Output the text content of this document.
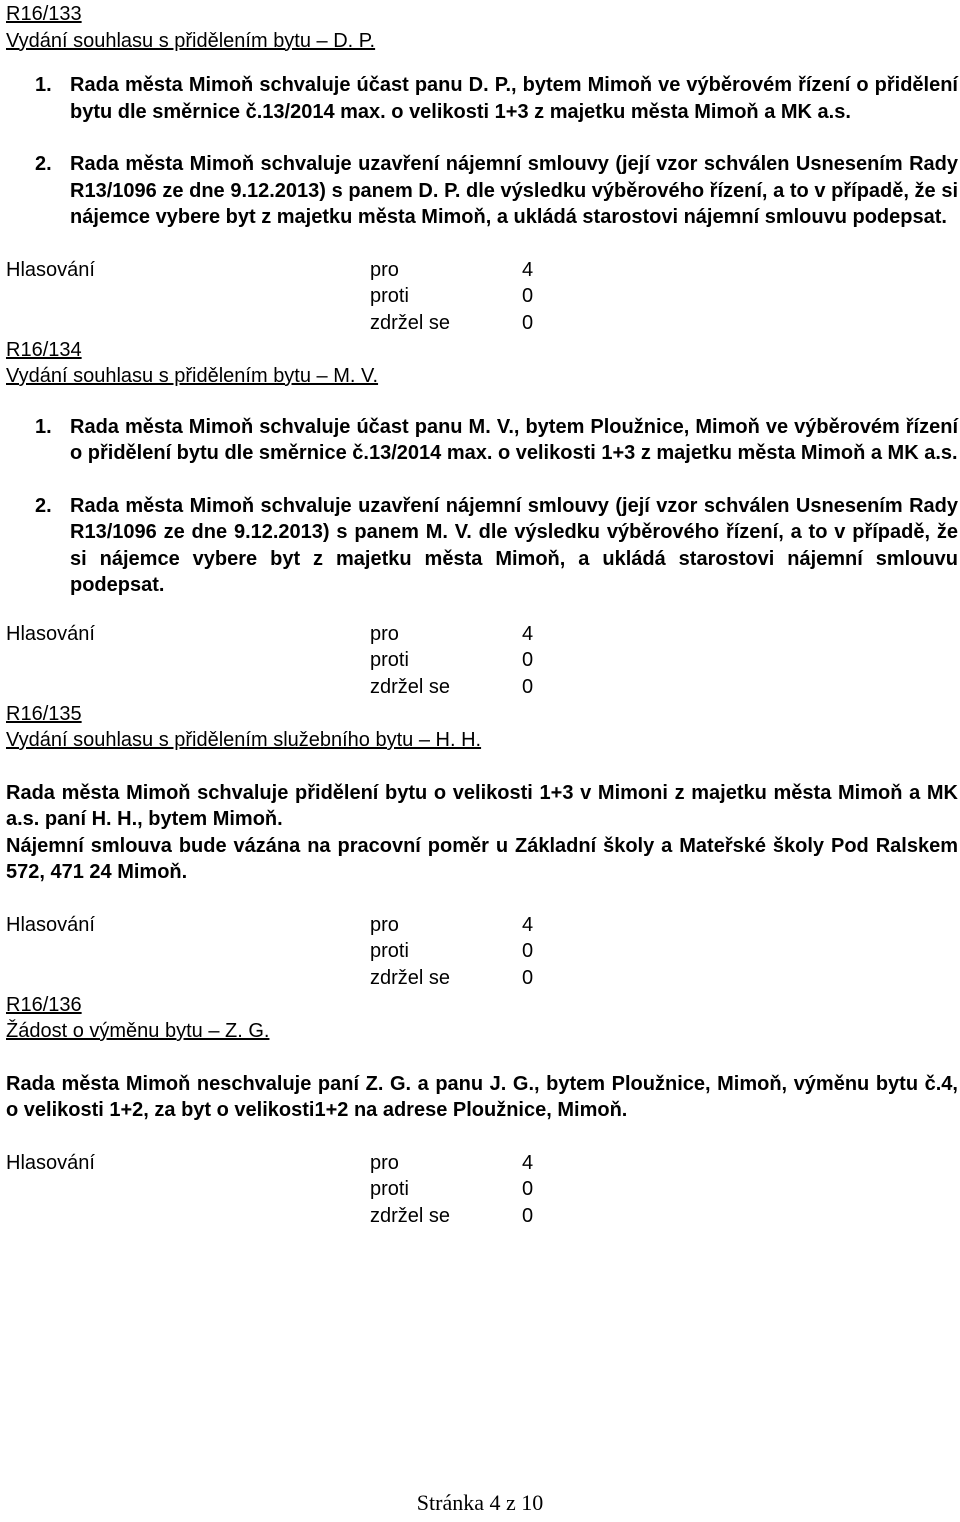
R16/133
Vydání souhlasu s přidělením bytu – D. P.
1. Rada města Mimoň schvaluje účast panu D. P., bytem Mimoň ve výběrovém řízení o přidělení bytu dle směrnice č.13/2014 max. o velikosti 1+3 z majetku města Mimoň a MK a.s.
2. Rada města Mimoň schvaluje uzavření nájemní smlouvy (její vzor schválen Usnesením Rady R13/1096 ze dne 9.12.2013) s panem D. P. dle výsledku výběrového řízení, a to v případě, že si nájemce vybere byt z majetku města Mimoň, a ukládá starostovi nájemní smlouvu podepsat.
Hlasování	pro	4
proti	0
zdržel se	0
R16/134
Vydání souhlasu s přidělením bytu – M. V.
1. Rada města Mimoň schvaluje účast panu M. V., bytem Ploužnice, Mimoň ve výběrovém řízení o přidělení bytu dle směrnice č.13/2014 max. o velikosti 1+3 z majetku města Mimoň a MK a.s.
2. Rada města Mimoň schvaluje uzavření nájemní smlouvy (její vzor schválen Usnesením Rady R13/1096 ze dne 9.12.2013) s panem M. V. dle výsledku výběrového řízení, a to v případě, že si nájemce vybere byt z majetku města Mimoň, a ukládá starostovi nájemní smlouvu podepsat.
Hlasování	pro	4
proti	0
zdržel se	0
R16/135
Vydání souhlasu s přidělením služebního bytu – H. H.

Rada města Mimoň schvaluje přidělení bytu o velikosti 1+3 v Mimoni z majetku města Mimoň a MK a.s. paní H. H., bytem Mimoň.

Nájemní smlouva bude vázána na pracovní poměr u Základní školy a Mateřské školy Pod Ralskem 572, 471 24 Mimoň.

Hlasování	pro	4
proti	0
zdržel se	0
R16/136
Žádost o výměnu bytu – Z. G.

Rada města Mimoň neschvaluje paní Z. G. a panu J. G., bytem Ploužnice, Mimoň, výměnu bytu č.4, o velikosti 1+2, za byt o velikosti1+2 na adrese Ploužnice, Mimoň.

Hlasování	pro	4
proti	0
zdržel se	0
Stránka 4 z 10
